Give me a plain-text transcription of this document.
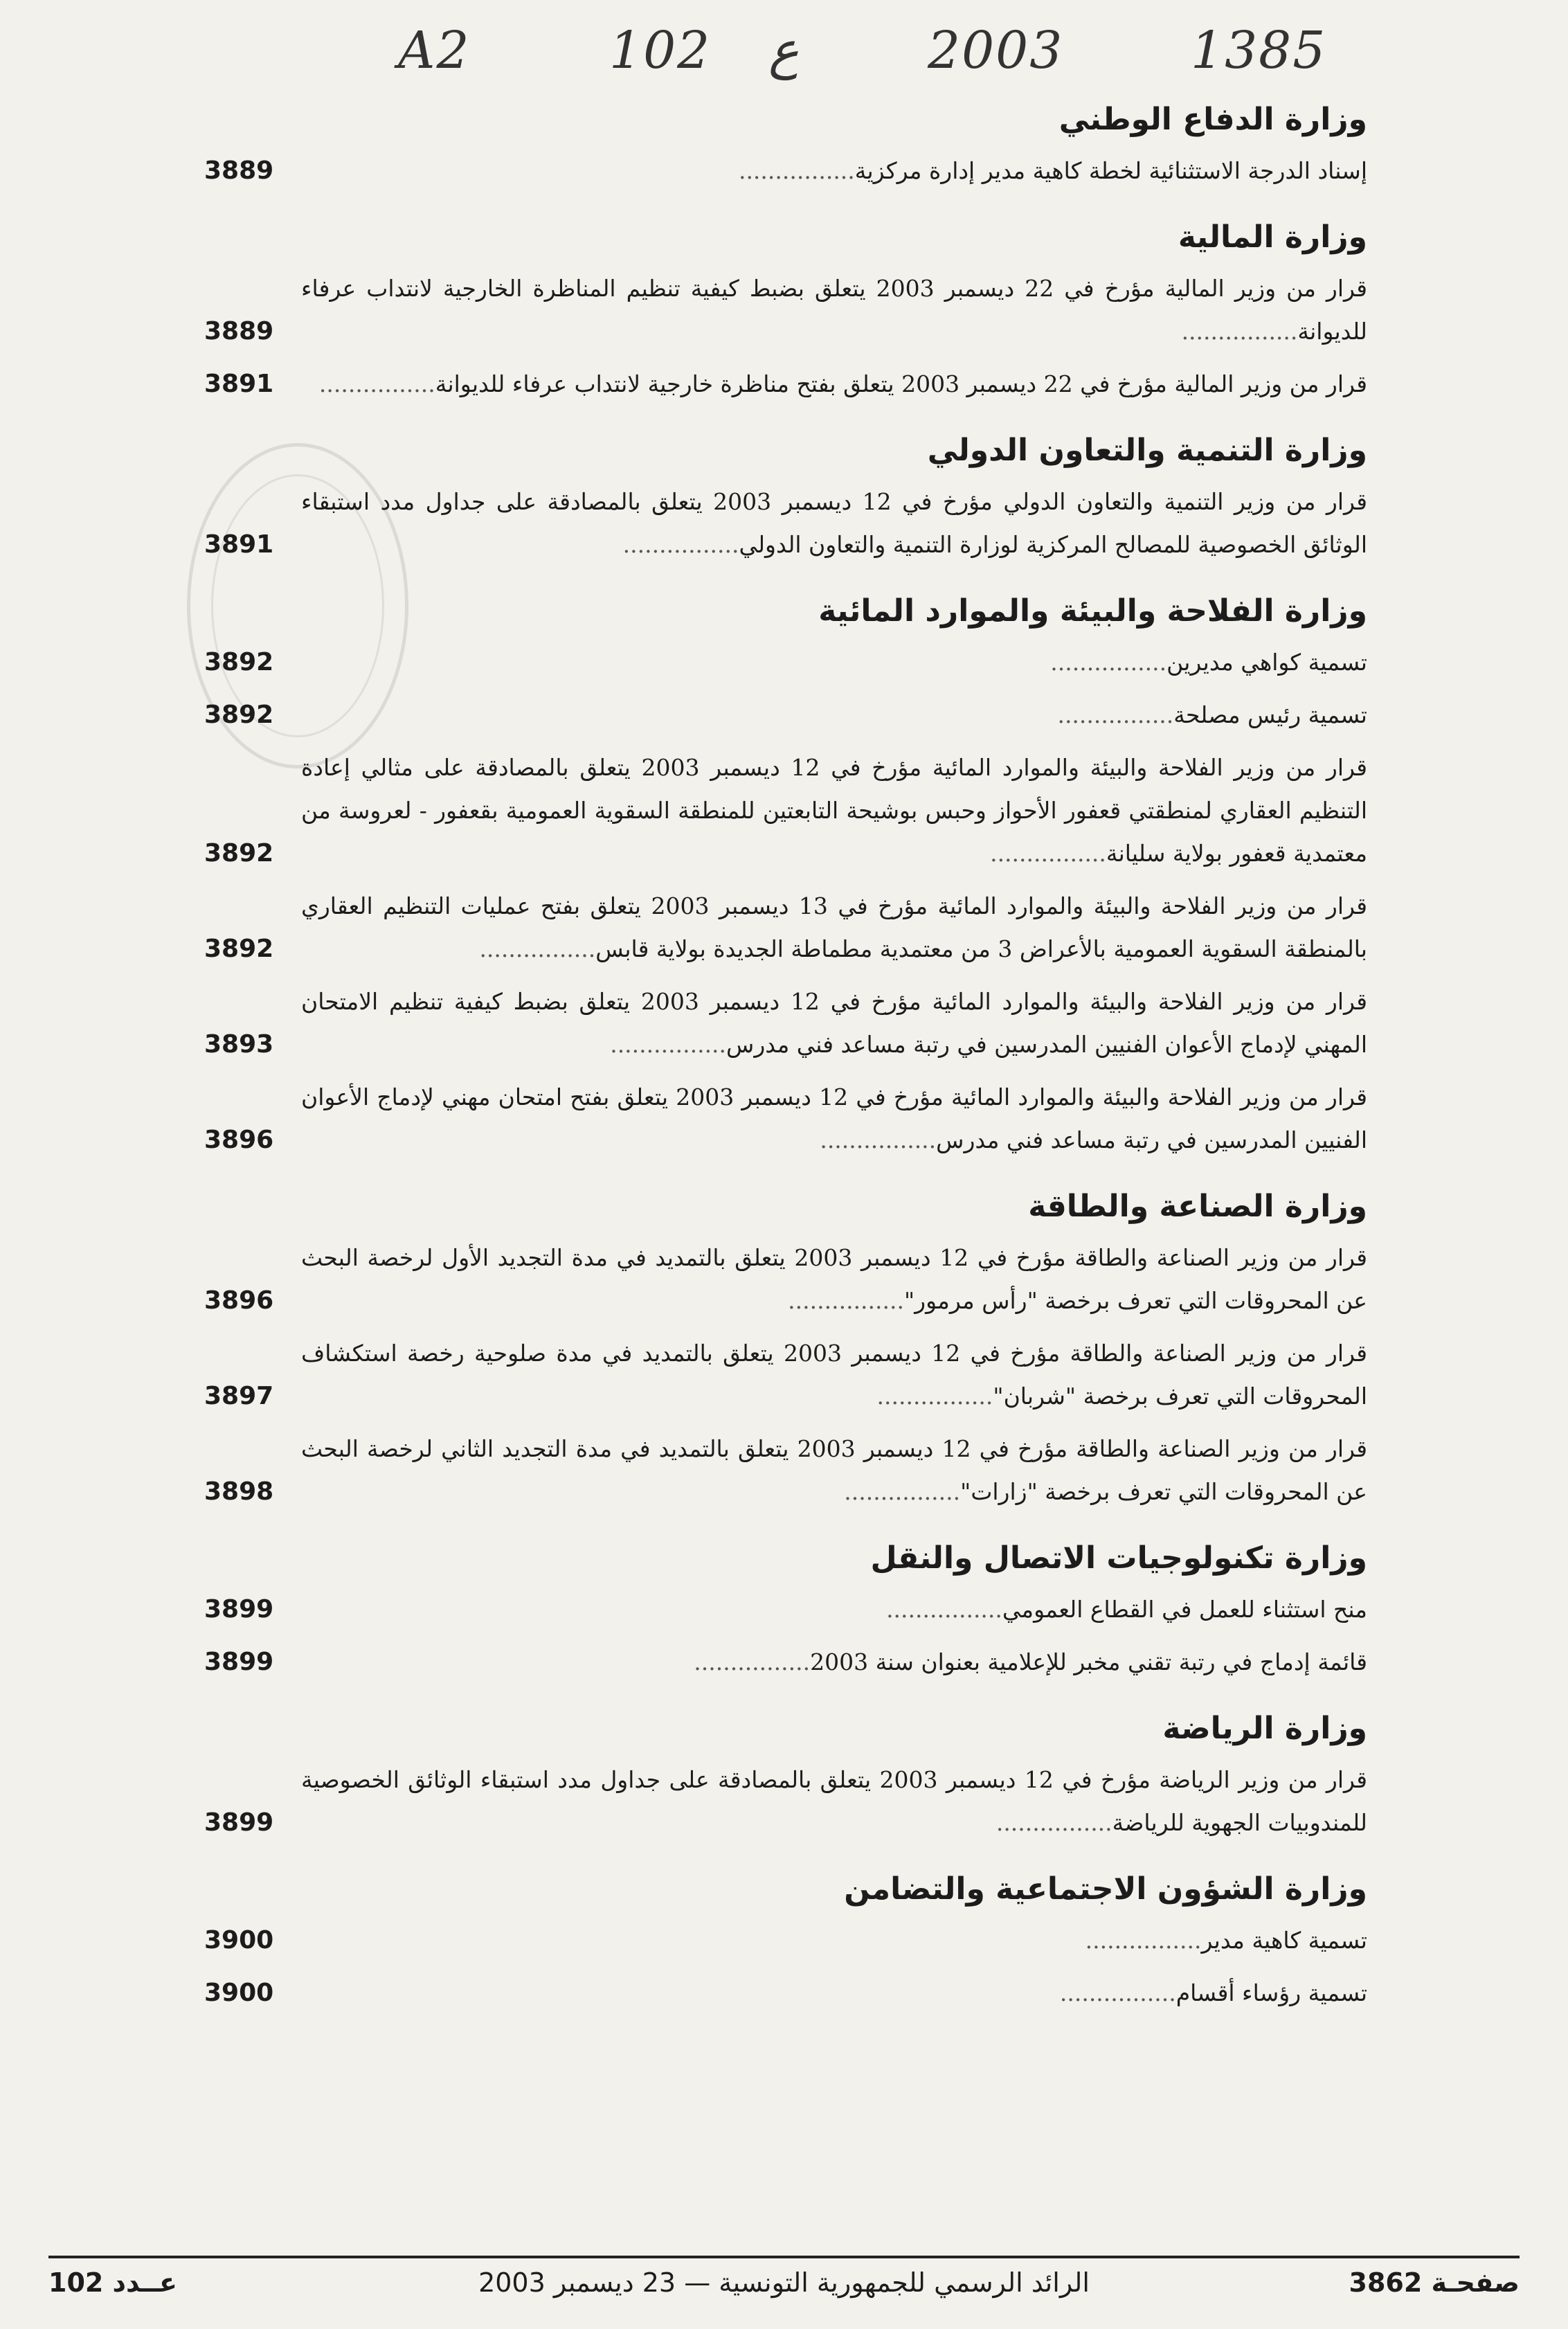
A2	102 ع	2003 1385
وزارة الدفاع الوطني
إسناد الدرجة الاستثنائية لخطة كاهية مدير إدارة مركزية................
3889
وزارة المالية
قرار من وزير المالية مؤرخ في 22 ديسمبر 2003 يتعلق بضبط كيفية تنظيم المناظرة الخارجية لانتداب عرفاء للديوانة................
3889
قرار من وزير المالية مؤرخ في 22 ديسمبر 2003 يتعلق بفتح مناظرة خارجية لانتداب عرفاء للديوانة................
3891
وزارة التنمية والتعاون الدولي
قرار من وزير التنمية والتعاون الدولي مؤرخ في 12 ديسمبر 2003 يتعلق بالمصادقة على جداول مدد استبقاء الوثائق الخصوصية للمصالح المركزية لوزارة التنمية والتعاون الدولي................
3891
وزارة الفلاحة والبيئة والموارد المائية
تسمية كواهي مديرين................
3892
تسمية رئيس مصلحة................
3892
قرار من وزير الفلاحة والبيئة والموارد المائية مؤرخ في 12 ديسمبر 2003 يتعلق بالمصادقة على مثالي إعادة التنظيم العقاري لمنطقتي قعفور الأحواز وحبس بوشيحة التابعتين للمنطقة السقوية العمومية بقعفور - لعروسة من معتمدية قعفور بولاية سليانة................
3892
قرار من وزير الفلاحة والبيئة والموارد المائية مؤرخ في 13 ديسمبر 2003 يتعلق بفتح عمليات التنظيم العقاري بالمنطقة السقوية العمومية بالأعراض 3 من معتمدية مطماطة الجديدة بولاية قابس................
3892
قرار من وزير الفلاحة والبيئة والموارد المائية مؤرخ في 12 ديسمبر 2003 يتعلق بضبط كيفية تنظيم الامتحان المهني لإدماج الأعوان الفنيين المدرسين في رتبة مساعد فني مدرس................
3893
قرار من وزير الفلاحة والبيئة والموارد المائية مؤرخ في 12 ديسمبر 2003 يتعلق بفتح امتحان مهني لإدماج الأعوان الفنيين المدرسين في رتبة مساعد فني مدرس................
3896
وزارة الصناعة والطاقة
قرار من وزير الصناعة والطاقة مؤرخ في 12 ديسمبر 2003 يتعلق بالتمديد في مدة التجديد الأول لرخصة البحث عن المحروقات التي تعرف برخصة "رأس مرمور"................
3896
قرار من وزير الصناعة والطاقة مؤرخ في 12 ديسمبر 2003 يتعلق بالتمديد في مدة صلوحية رخصة استكشاف المحروقات التي تعرف برخصة "شربان"................
3897
قرار من وزير الصناعة والطاقة مؤرخ في 12 ديسمبر 2003 يتعلق بالتمديد في مدة التجديد الثاني لرخصة البحث عن المحروقات التي تعرف برخصة "زارات"................
3898
وزارة تكنولوجيات الاتصال والنقل
منح استثناء للعمل في القطاع العمومي................
3899
قائمة إدماج في رتبة تقني مخبر للإعلامية بعنوان سنة 2003................
3899
وزارة الرياضة
قرار من وزير الرياضة مؤرخ في 12 ديسمبر 2003 يتعلق بالمصادقة على جداول مدد استبقاء الوثائق الخصوصية للمندوبيات الجهوية للرياضة................
3899
وزارة الشؤون الاجتماعية والتضامن
تسمية كاهية مدير................
3900
تسمية رؤساء أقسام................
3900
صفحـة 3862
الرائد الرسمي للجمهورية التونسية — 23 ديسمبر 2003
عــدد 102
